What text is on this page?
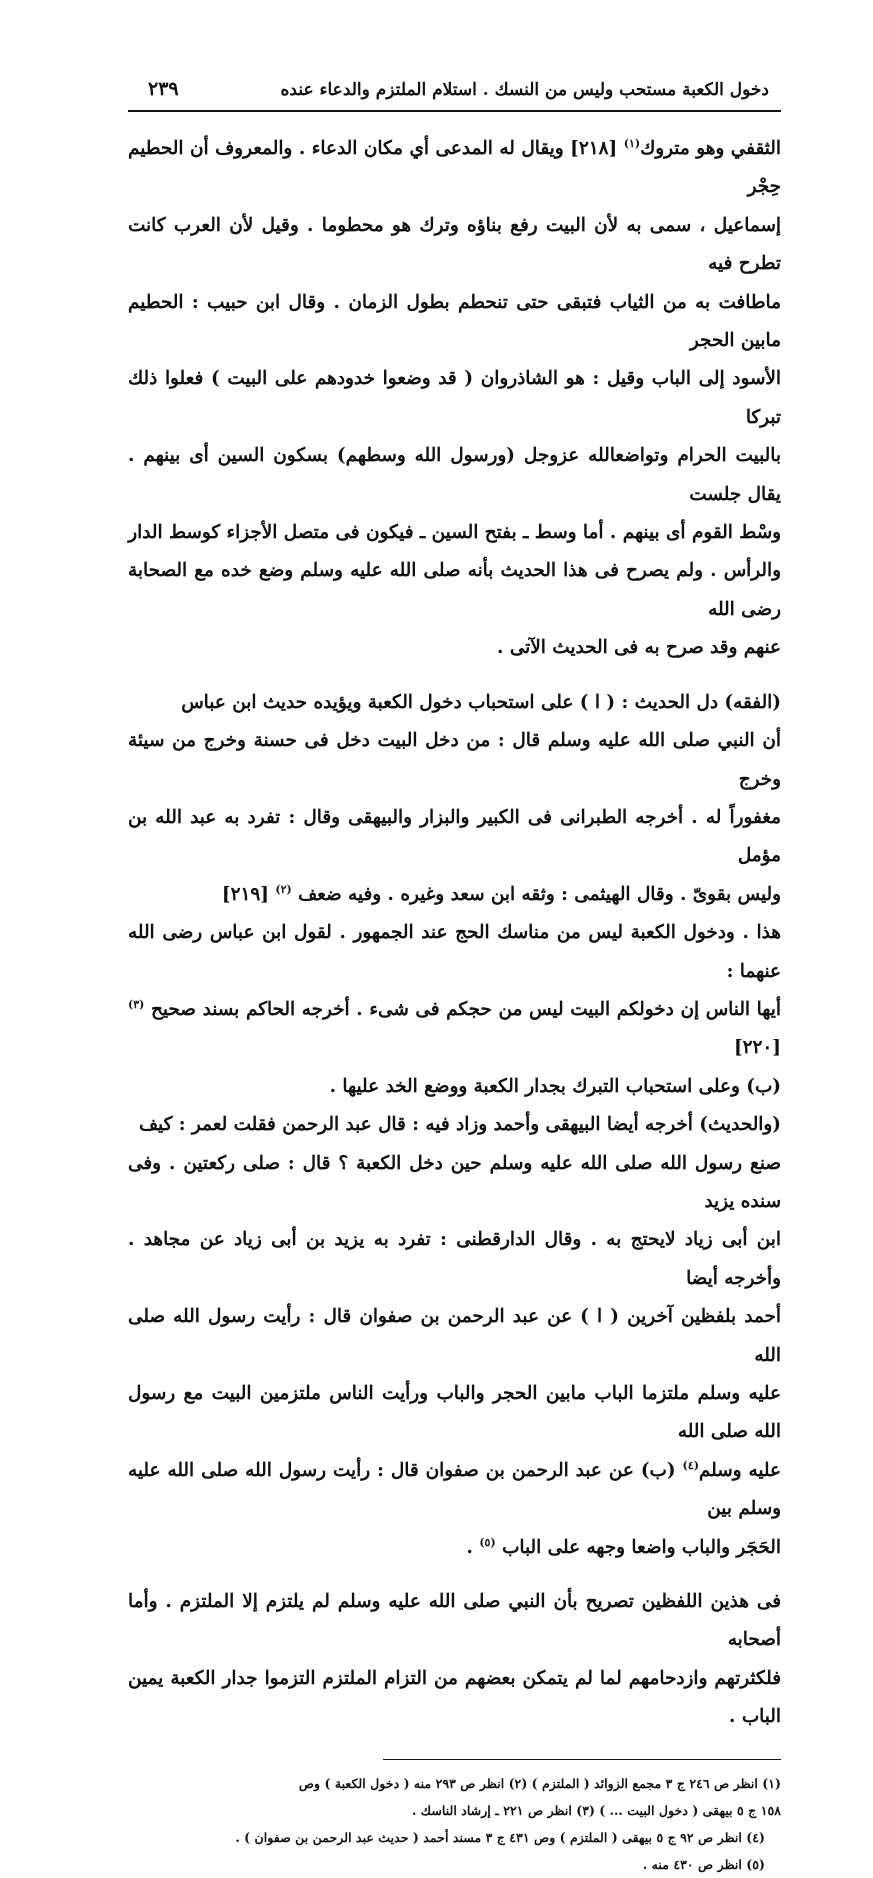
دخول الكعبة مستحب وليس من النسك . استلام الملتزم والدعاء عنده
٢٣٩

الثقفي وهو متروك$^{(١)}$ [٢١٨] ويقال له المدعى أي مكان الدعاء . والمعروف أن الحطيم حِجْر

إسماعيل ، سمى به لأن البيت رفع بناؤه وترك هو محطوما . وقيل لأن العرب كانت تطرح فيه

ماطافت به من الثياب فتبقى حتى تنحطم بطول الزمان . وقال ابن حبيب : الحطيم مابين الحجر

الأسود إلى الباب وقيل : هو الشاذروان ( قد وضعوا خدودهم على البيت ) فعلوا ذلك تبركا

بالبيت الحرام وتواضعالله عزوجل (ورسول الله وسطهم) بسكون السين أى بينهم . يقال جلست

وسْط القوم أى بينهم . أما وسط ـ بفتح السين ـ فيكون فى متصل الأجزاء كوسط الدار

والرأس . ولم يصرح فى هذا الحديث بأنه صلى الله عليه وسلم وضع خده مع الصحابة رضى الله

عنهم وقد صرح به فى الحديث الآتى .

(الفقه) دل الحديث : ( ا ) على استحباب دخول الكعبة ويؤيده حديث ابن عباس

أن النبي صلى الله عليه وسلم قال : من دخل البيت دخل فى حسنة وخرج من سيئة وخرج

مغفوراً له . أخرجه الطبرانى فى الكبير والبزار والبيهقى وقال : تفرد به عبد الله بن مؤمل

وليس بقوىّ . وقال الهيثمى : وثقه ابن سعد وغيره . وفيه ضعف $^{(٢)}$ [٢١٩]

هذا . ودخول الكعبة ليس من مناسك الحج عند الجمهور . لقول ابن عباس رضى الله عنهما :

أيها الناس إن دخولكم البيت ليس من حجكم فى شىء . أخرجه الحاكم بسند صحيح $^{(٣)}$ [٢٢٠]

(ب) وعلى استحباب التبرك بجدار الكعبة ووضع الخد عليها .

(والحديث) أخرجه أيضا البيهقى وأحمد وزاد فيه : قال عبد الرحمن فقلت لعمر : كيف

صنع رسول الله صلى الله عليه وسلم حين دخل الكعبة ؟ قال : صلى ركعتين . وفى سنده يزيد

ابن أبى زياد لايحتج به . وقال الدارقطنى : تفرد به يزيد بن أبى زياد عن مجاهد . وأخرجه أيضا

أحمد بلفظين آخرين ( ا ) عن عبد الرحمن بن صفوان قال : رأيت رسول الله صلى الله

عليه وسلم ملتزما الباب مابين الحجر والباب ورأيت الناس ملتزمين البيت مع رسول الله صلى الله

عليه وسلم$^{(٤)}$ (ب) عن عبد الرحمن بن صفوان قال : رأيت رسول الله صلى الله عليه وسلم بين

الحَجَر والباب واضعا وجهه على الباب $^{(٥)}$ .

فى هذين اللفظين تصريح بأن النبي صلى الله عليه وسلم لم يلتزم إلا الملتزم . وأما أصحابه

فلكثرتهم وازدحامهم لما لم يتمكن بعضهم من التزام الملتزم التزموا جدار الكعبة يمين الباب .

(١) انظر ص ٢٤٦ ج ٣ مجمع الزوائد ( الملتزم ) (٢) انظر ص ٢٩٣ منه ( دخول الكعبة ) وص

١٥٨ ج ٥ بيهقى ( دخول البيت ... ) (٣) انظر ص ٢٢١ ـ إرشاد الناسك .

(٤) انظر ص ٩٢ ج ٥ بيهقى ( الملتزم ) وص ٤٣١ ج ٣ مسند أحمد ( حديث عبد الرحمن بن صفوان ) .

(٥) انظر ص ٤٣٠ منه .
